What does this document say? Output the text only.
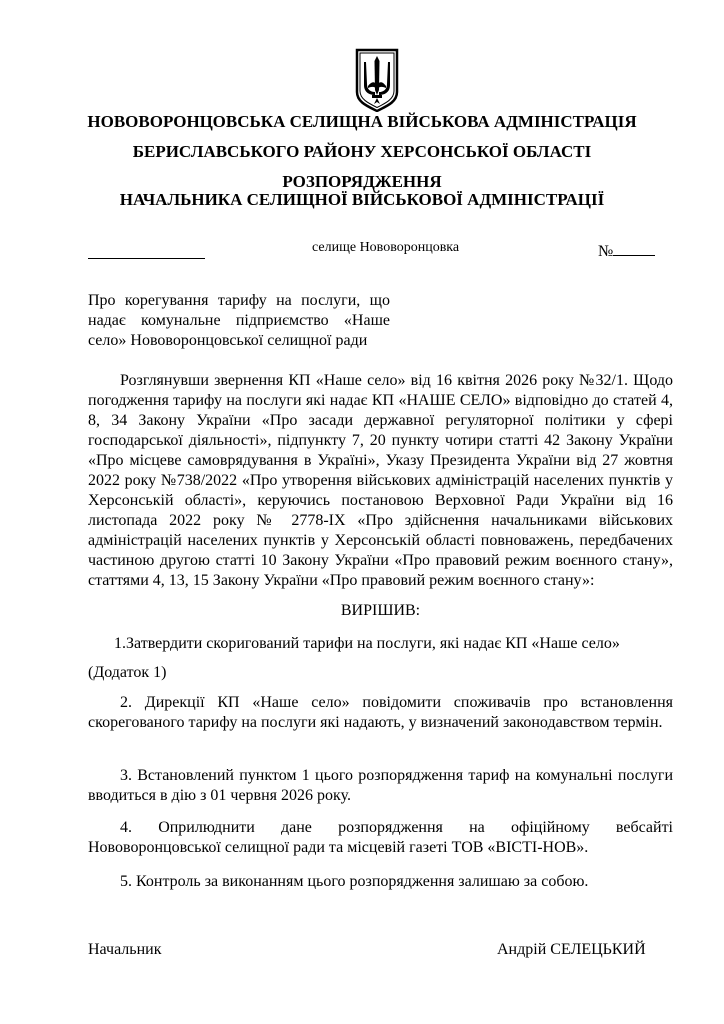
НОВОВОРОНЦОВСЬКА СЕЛИЩНА ВІЙСЬКОВА АДМІНІСТРАЦІЯ
БЕРИСЛАВСЬКОГО РАЙОНУ ХЕРСОНСЬКОЇ ОБЛАСТІ
РОЗПОРЯДЖЕННЯ
НАЧАЛЬНИКА СЕЛИЩНОЇ ВІЙСЬКОВОЇ АДМІНІСТРАЦІЇ
селище Нововоронцовка	№
Про корегування тарифу на послуги, що надає комунальне підприємство «Наше село» Нововоронцовської селищної ради
Розглянувши звернення КП «Наше село» від 16 квітня 2026 року №32/1. Щодо погодження тарифу на послуги які надає КП «НАШЕ СЕЛО» відповідно до статей 4, 8, 34 Закону України «Про засади державної регуляторної політики у сфері господарської діяльності», підпункту 7, 20 пункту чотири статті 42 Закону України «Про місцеве самоврядування в Україні», Указу Президента України від 27 жовтня 2022 року №738/2022 «Про утворення військових адміністрацій населених пунктів у Херсонській області», керуючись постановою Верховної Ради України від 16 листопада 2022 року № 2778-IX «Про здійснення начальниками військових адміністрацій населених пунктів у Херсонській області повноважень, передбачених частиною другою статті 10 Закону України «Про правовий режим воєнного стану», статтями 4, 13, 15 Закону України «Про правовий режим воєнного стану»:
ВИРІШИВ:
1.Затвердити скоригований тарифи на послуги, які надає КП «Наше село»
(Додаток 1)
2. Дирекції КП «Наше село» повідомити споживачів про встановлення скорегованого тарифу на послуги які надають, у визначений законодавством термін.
3. Встановлений пунктом 1 цього розпорядження тариф на комунальні послуги вводиться в дію з 01 червня 2026 року.
4. Оприлюднити дане розпорядження на офіційному вебсайті Нововоронцовської селищної ради та місцевій газеті ТОВ «ВІСТІ-НОВ».
5. Контроль за виконанням цього розпорядження залишаю за собою.
Начальник	Андрій СЕЛЕЦЬКИЙ
